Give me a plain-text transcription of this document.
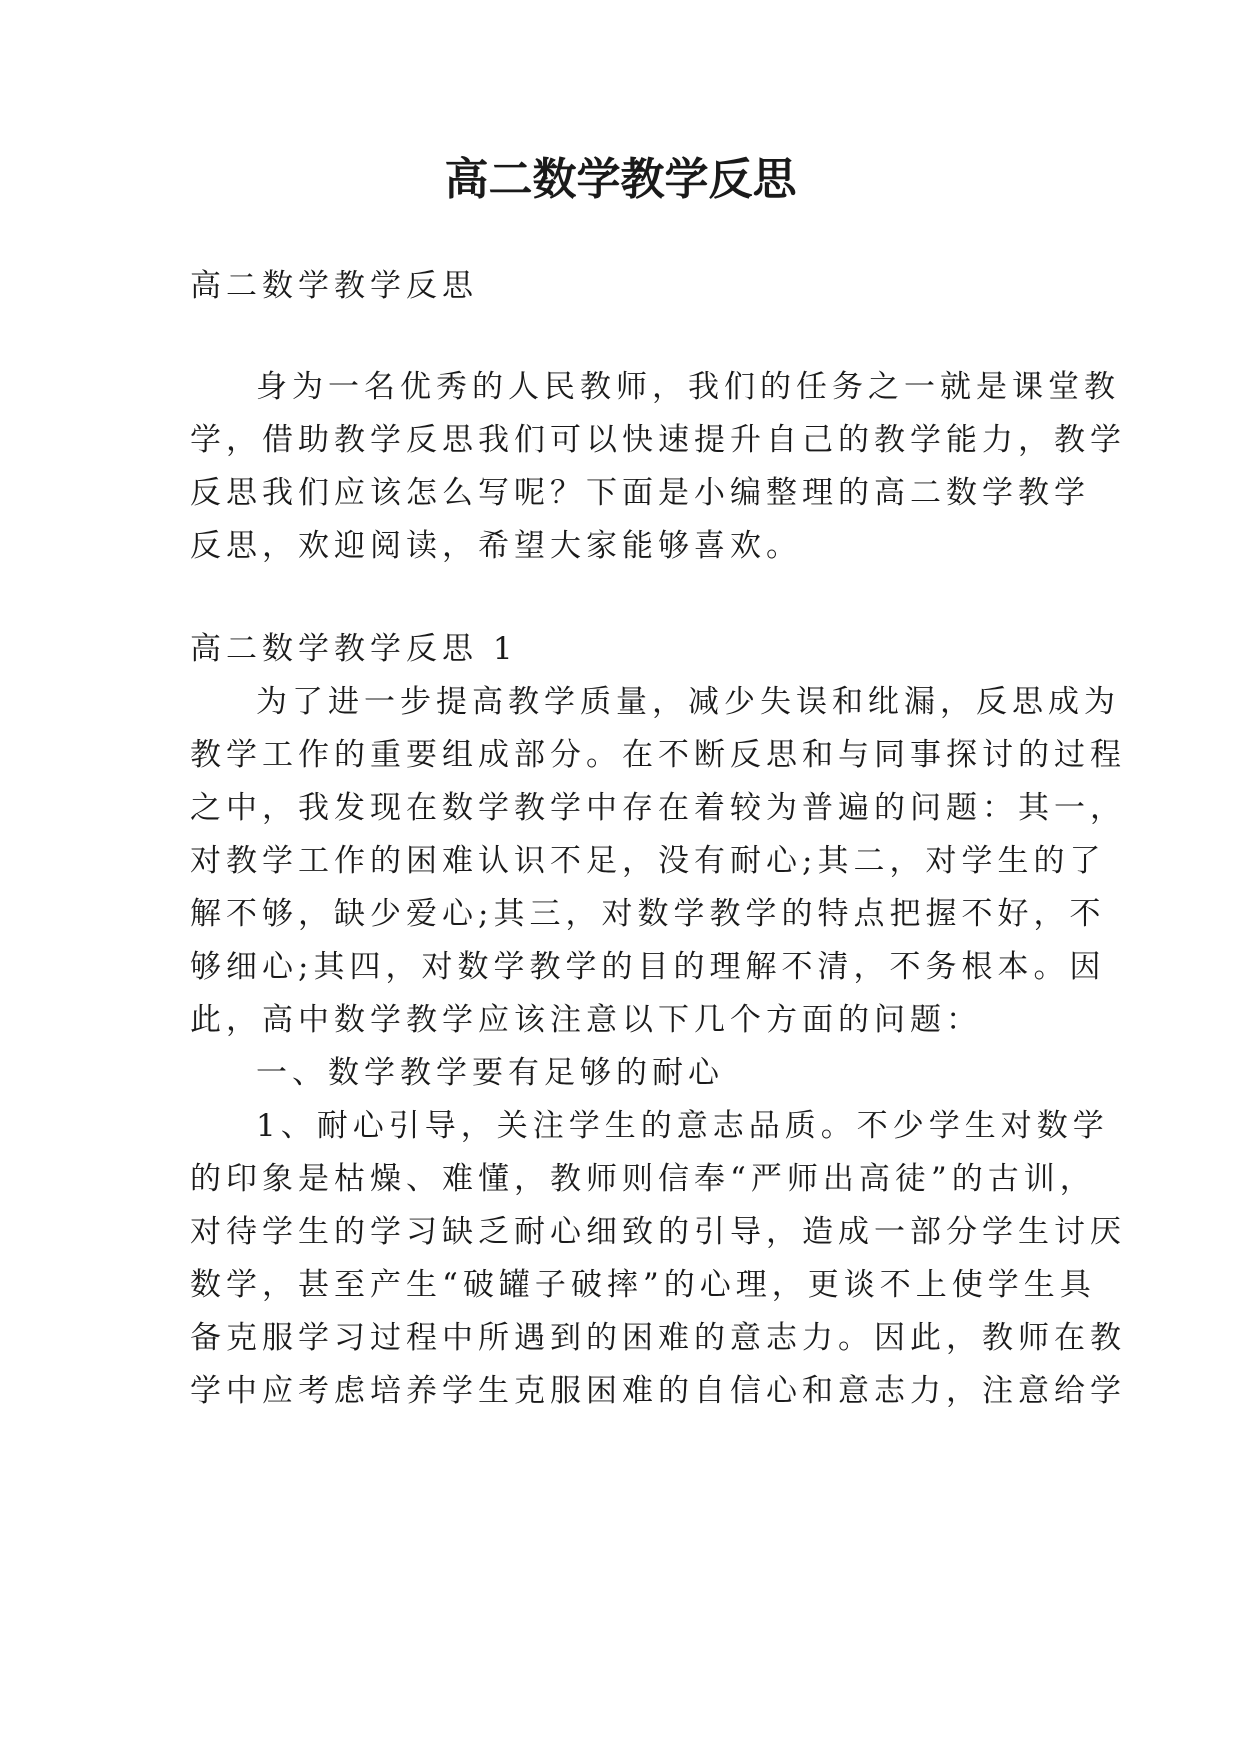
高二数学教学反思
高二数学教学反思
身为一名优秀的人民教师，我们的任务之一就是课堂教
学，借助教学反思我们可以快速提升自己的教学能力，教学
反思我们应该怎么写呢？下面是小编整理的高二数学教学
反思，欢迎阅读，希望大家能够喜欢。
高二数学教学反思 1
为了进一步提高教学质量，减少失误和纰漏，反思成为
教学工作的重要组成部分。在不断反思和与同事探讨的过程
之中，我发现在数学教学中存在着较为普遍的问题：其一，
对教学工作的困难认识不足，没有耐心;其二，对学生的了
解不够，缺少爱心;其三，对数学教学的特点把握不好，不
够细心;其四，对数学教学的目的理解不清，不务根本。因
此，高中数学教学应该注意以下几个方面的问题：
一、数学教学要有足够的耐心
1、耐心引导，关注学生的意志品质。不少学生对数学
的印象是枯燥、难懂，教师则信奉“严师出高徒”的古训，
对待学生的学习缺乏耐心细致的引导，造成一部分学生讨厌
数学，甚至产生“破罐子破摔”的心理，更谈不上使学生具
备克服学习过程中所遇到的困难的意志力。因此，教师在教
学中应考虑培养学生克服困难的自信心和意志力，注意给学
